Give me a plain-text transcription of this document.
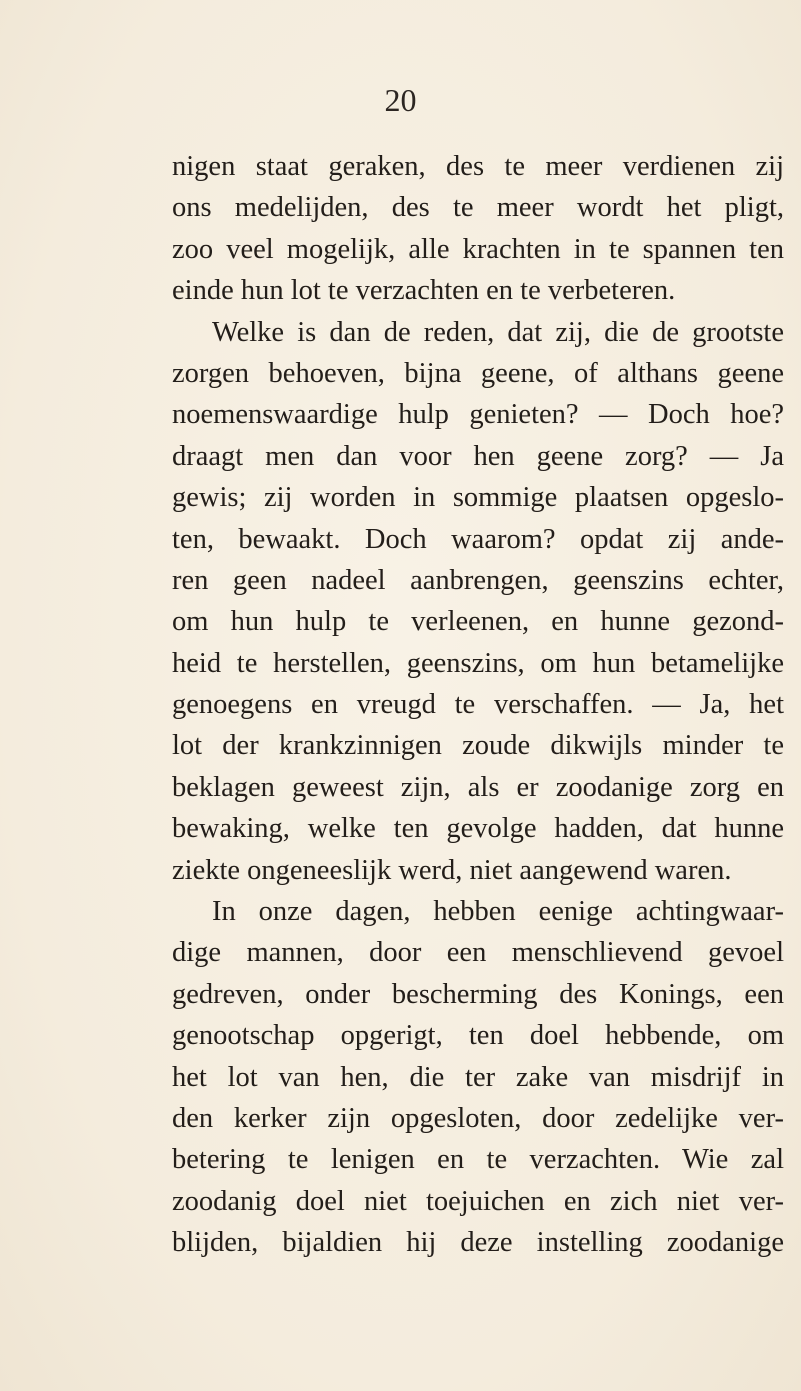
20
nigen staat geraken, des te meer verdienen zij
ons medelijden, des te meer wordt het pligt,
zoo veel mogelijk, alle krachten in te spannen ten
einde hun lot te verzachten en te verbeteren.
Welke is dan de reden, dat zij, die de grootste
zorgen behoeven, bijna geene, of althans geene
noemenswaardige hulp genieten? — Doch hoe?
draagt men dan voor hen geene zorg? — Ja
gewis; zij worden in sommige plaatsen opgeslo-
ten, bewaakt. Doch waarom? opdat zij ande-
ren geen nadeel aanbrengen, geenszins echter,
om hun hulp te verleenen, en hunne gezond-
heid te herstellen, geenszins, om hun betamelijke
genoegens en vreugd te verschaffen. — Ja, het
lot der krankzinnigen zoude dikwijls minder te
beklagen geweest zijn, als er zoodanige zorg en
bewaking, welke ten gevolge hadden, dat hunne
ziekte ongeneeslijk werd, niet aangewend waren.
In onze dagen, hebben eenige achtingwaar-
dige mannen, door een menschlievend gevoel
gedreven, onder bescherming des Konings, een
genootschap opgerigt, ten doel hebbende, om
het lot van hen, die ter zake van misdrijf in
den kerker zijn opgesloten, door zedelijke ver-
betering te lenigen en te verzachten. Wie zal
zoodanig doel niet toejuichen en zich niet ver-
blijden, bijaldien hij deze instelling zoodanige
